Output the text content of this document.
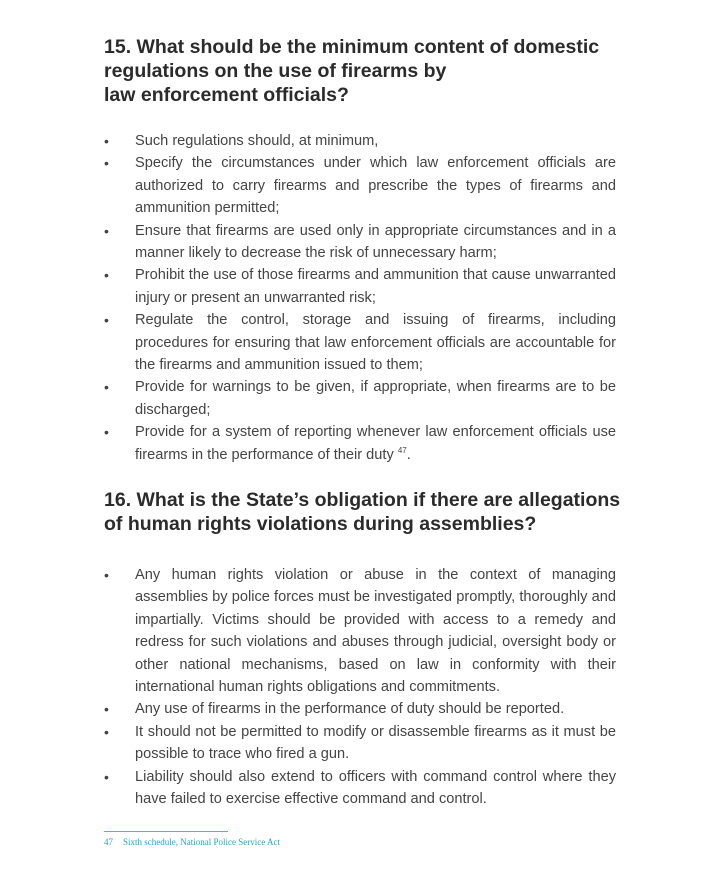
15. What should be the minimum content of domestic
regulations on the use of firearms by
law enforcement officials?
•	Such regulations should, at minimum,
•	Specify the circumstances under which law enforcement officials are authorized to carry firearms and prescribe the types of firearms and ammunition permitted;
•	Ensure that firearms are used only in appropriate circumstances and in a manner likely to decrease the risk of unnecessary harm;
•	Prohibit the use of those firearms and ammunition that cause unwarranted injury or present an unwarranted risk;
•	Regulate the control, storage and issuing of firearms, including procedures for ensuring that law enforcement officials are accountable for the firearms and ammunition issued to them;
•	Provide for warnings to be given, if appropriate, when firearms are to be discharged;
•	Provide for a system of reporting whenever law enforcement officials use firearms in the performance of their duty $^{47}$.
16. What is the State’s obligation if there are allegations
of human rights violations during assemblies?
•	Any human rights violation or abuse in the context of managing assemblies by police forces must be investigated promptly, thoroughly and impartially. Victims should be provided with access to a remedy and redress for such violations and abuses through judicial, oversight body or other national mechanisms, based on law in conformity with their international human rights obligations and commitments.
•	Any use of firearms in the performance of duty should be reported.
•	It should not be permitted to modify or disassemble firearms as it must be possible to trace who fired a gun.
•	Liability should also extend to officers with command control where they have failed to exercise effective command and control.

47 Sixth schedule, National Police Service Act
